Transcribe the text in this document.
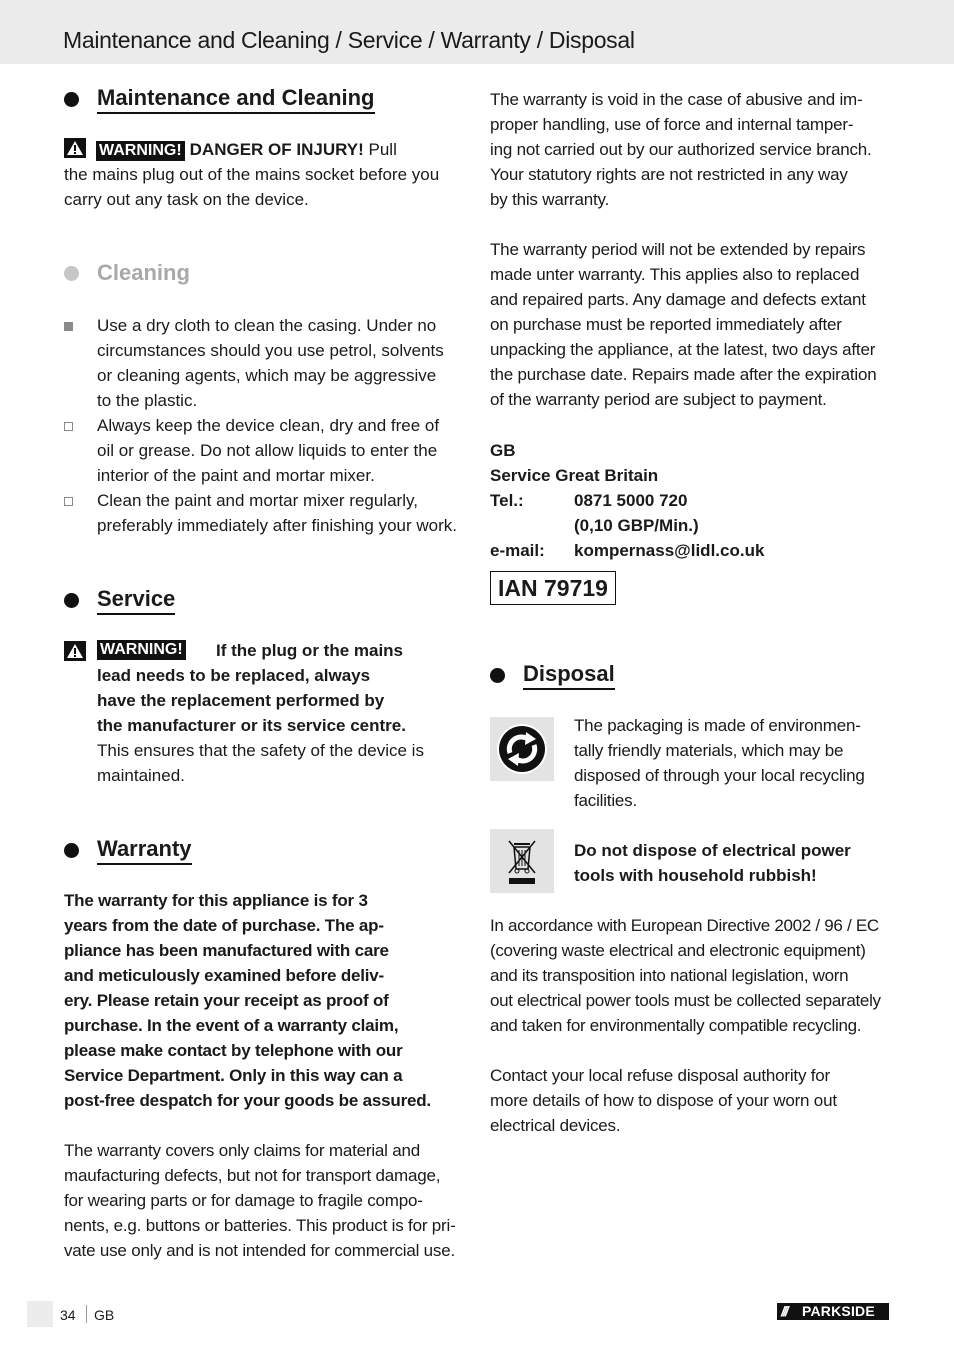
Maintenance and Cleaning / Service / Warranty / Disposal
Maintenance and Cleaning

WARNING! DANGER OF INJURY! Pull

the mains plug out of the mains socket before you

carry out any task on the device.

Cleaning
Use a dry cloth to clean the casing. Under no
circumstances should you use petrol, solvents
or cleaning agents, which may be aggressive
to the plastic.
Always keep the device clean, dry and free of
oil or grease. Do not allow liquids to enter the
interior of the paint and mortar mixer.
Clean the paint and mortar mixer regularly,
preferably immediately after finishing your work.
Service
WARNING! If the plug or the mains
lead needs to be replaced, always
have the replacement performed by
the manufacturer or its service centre.
This ensures that the safety of the device is
maintained.
Warranty
The warranty for this appliance is for 3
years from the date of purchase. The ap-
pliance has been manufactured with care
and meticulously examined before deliv-
ery. Please retain your receipt as proof of
purchase. In the event of a warranty claim,
please make contact by telephone with our
Service Department. Only in this way can a
post-free despatch for your goods be assured.
The warranty covers only claims for material and
maufacturing defects, but not for transport damage,
for wearing parts or for damage to fragile compo-
nents, e.g. buttons or batteries. This product is for pri-
vate use only and is not intended for commercial use.
The warranty is void in the case of abusive and im-
proper handling, use of force and internal tamper-
ing not carried out by our authorized service branch.
Your statutory rights are not restricted in any way
by this warranty.
The warranty period will not be extended by repairs
made unter warranty. This applies also to replaced
and repaired parts. Any damage and defects extant
on purchase must be reported immediately after
unpacking the appliance, at the latest, two days after
the purchase date. Repairs made after the expiration
of the warranty period are subject to payment.
GB
Service Great Britain
Tel.:	0871 5000 720
(0,10 GBP/Min.)
e-mail:	kompernass@lidl.co.uk
IAN 79719
Disposal
The packaging is made of environmen-
tally friendly materials, which may be
disposed of through your local recycling
facilities.
Do not dispose of electrical power
tools with household rubbish!
In accordance with European Directive 2002 / 96 / EC
(covering waste electrical and electronic equipment)
and its transposition into national legislation, worn
out electrical power tools must be collected separately
and taken for environmentally compatible recycling.
Contact your local refuse disposal authority for
more details of how to dispose of your worn out
electrical devices.
34 GB	/// PARKSIDE
